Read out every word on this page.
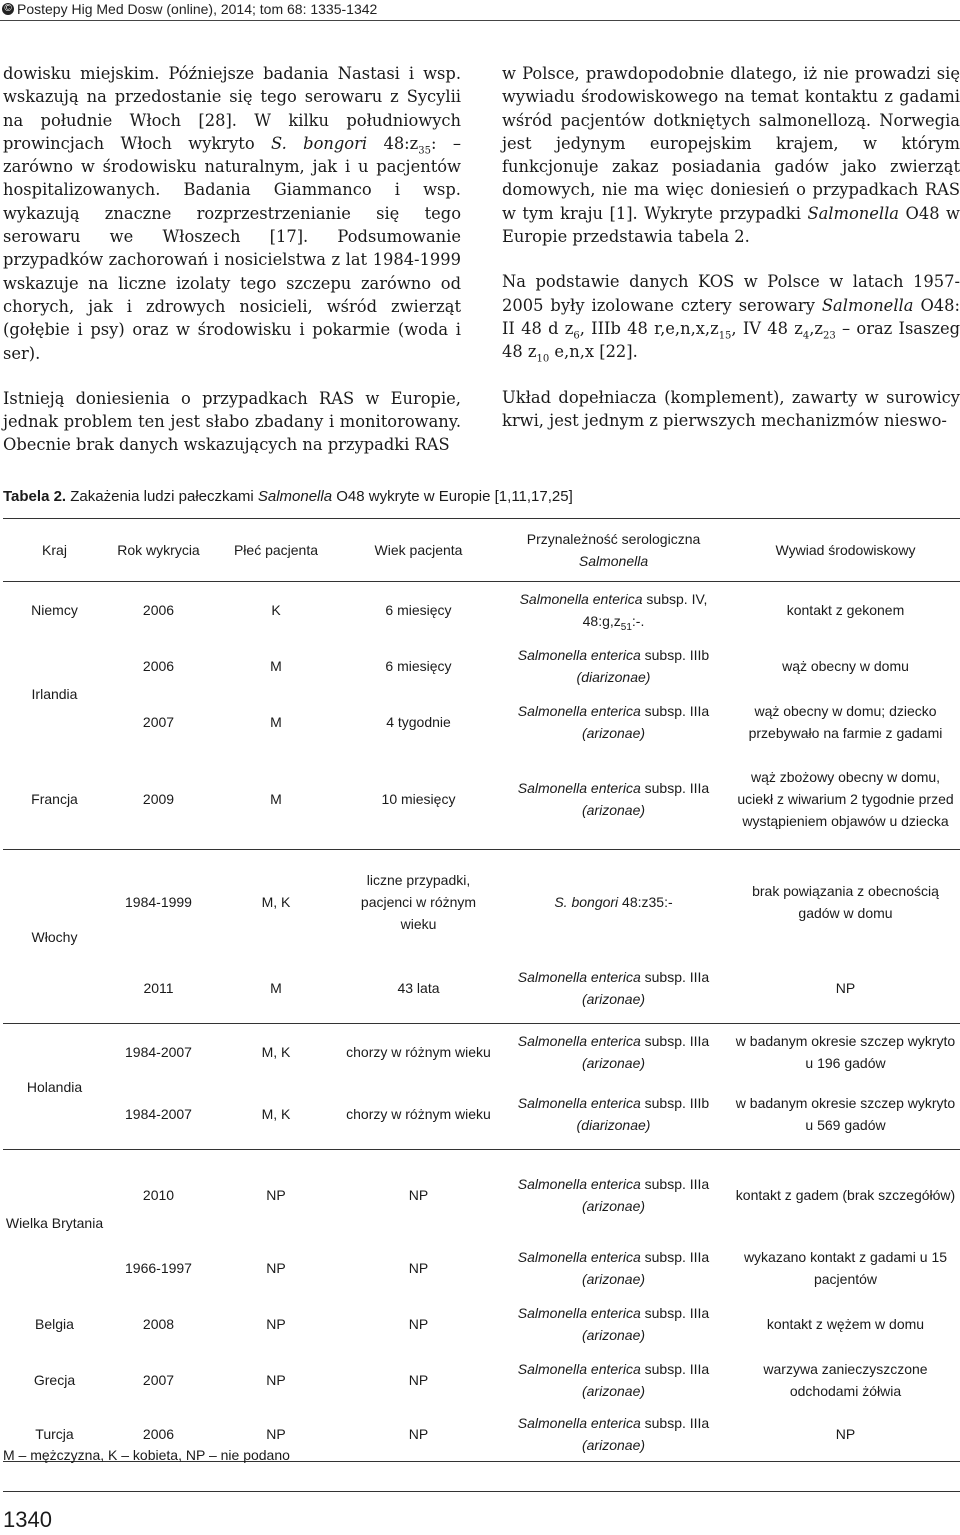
© Postepy Hig Med Dosw (online), 2014; tom 68: 1335-1342

dowisku miejskim. Późniejsze badania Nastasi i wsp. wskazują na przedostanie się tego serowaru z Sycylii na południe Włoch [28]. W kilku południowych prowincjach Włoch wykryto S. bongori $48:z_{35}$: – zarówno w środowisku naturalnym, jak i u pacjentów hospitalizowanych. Badania Giammanco i wsp. wykazują znaczne rozprzestrzenianie się tego serowaru we Włoszech [17]. Podsumowanie przypadków zachorowań i nosicielstwa z lat 1984-1999 wskazuje na liczne izolaty tego szczepu zarówno od chorych, jak i zdrowych nosicieli, wśród zwierząt (gołębie i psy) oraz w środowisku i pokarmie (woda i ser).

Istnieją doniesienia o przypadkach RAS w Europie, jednak problem ten jest słabo zbadany i monitorowany. Obecnie brak danych wskazujących na przypadki RAS

w Polsce, prawdopodobnie dlatego, iż nie prowadzi się wywiadu środowiskowego na temat kontaktu z gadami wśród pacjentów dotkniętych salmonellozą. Norwegia jest jedynym europejskim krajem, w którym funkcjonuje zakaz posiadania gadów jako zwierząt domowych, nie ma więc doniesień o przypadkach RAS w tym kraju [1]. Wykryte przypadki Salmonella O48 w Europie przedstawia tabela 2.

Na podstawie danych KOS w Polsce w latach 1957-2005 były izolowane cztery serowary Salmonella O48: II 48 d $z_6$, IIIb 48 $r,e,n,x,z_{15}$, IV 48 $z_4,z_{23}$ – oraz Isaszeg 48 $z_{10}$ e,n,x [22].

Układ dopełniacza (komplement), zawarty w surowicy krwi, jest jednym z pierwszych mechanizmów nieswo-

Tabela 2. Zakażenia ludzi pałeczkami Salmonella O48 wykryte w Europie [1,11,17,25]
Kraj	Rok wykrycia	Płeć pacjenta	Wiek pacjenta	Przynależność serologiczna
Salmonella	Wywiad środowiskowy
Niemcy	2006	K	6 miesięcy	Salmonella enterica subsp. IV,
$48:g,z_{51}:-$.	kontakt z gekonem
Irlandia	2006	M	6 miesięcy	Salmonella enterica subsp. IIIb
(diarizonae)	wąż obecny w domu
	2007	M	4 tygodnie	Salmonella enterica subsp. IIIa
(arizonae)	wąż obecny w domu; dziecko przebywało na farmie z gadami
Francja	2009	M	10 miesięcy	Salmonella enterica subsp. IIIa
(arizonae)	wąż zbożowy obecny w domu, uciekł z wiwarium 2 tygodnie przed wystąpieniem objawów u dziecka
Włochy	1984-1999	M, K	liczne przypadki, pacjenci w różnym wieku	S. bongori 48:z35:-	brak powiązania z obecnością gadów w domu
	2011	M	43 lata	Salmonella enterica subsp. IIIa
(arizonae)	NP
Holandia	1984-2007	M, K	chorzy w różnym wieku	Salmonella enterica subsp. IIIa
(arizonae)	w badanym okresie szczep wykryto u 196 gadów
	1984-2007	M, K	chorzy w różnym wieku	Salmonella enterica subsp. IIIb
(diarizonae)	w badanym okresie szczep wykryto u 569 gadów
Wielka Brytania	2010	NP	NP	Salmonella enterica subsp. IIIa
(arizonae)	kontakt z gadem (brak szczegółów)
	1966-1997	NP	NP	Salmonella enterica subsp. IIIa
(arizonae)	wykazano kontakt z gadami u 15 pacjentów
Belgia	2008	NP	NP	Salmonella enterica subsp. IIIa
(arizonae)	kontakt z wężem w domu
Grecja	2007	NP	NP	Salmonella enterica subsp. IIIa
(arizonae)	warzywa zanieczyszczone odchodami żółwia
Turcja	2006	NP	NP	Salmonella enterica subsp. IIIa
(arizonae)	NP
M – mężczyzna, K – kobieta, NP – nie podano
1340
